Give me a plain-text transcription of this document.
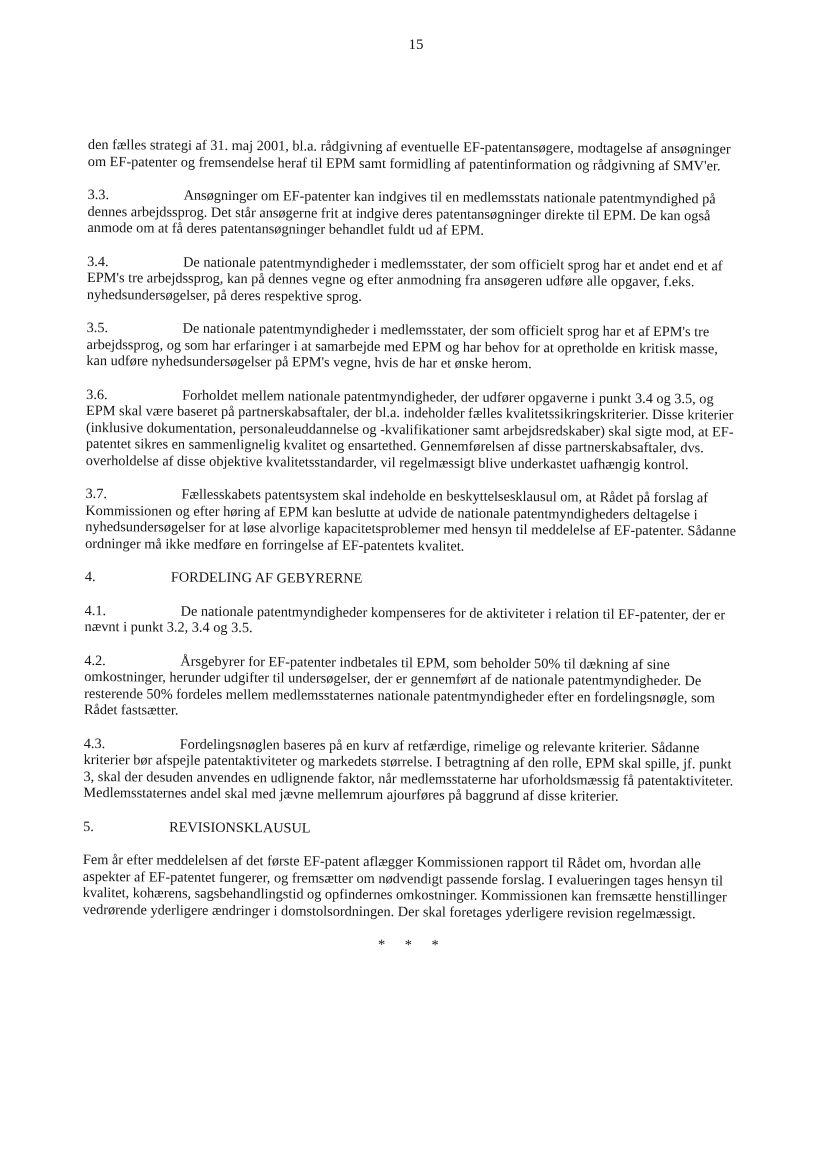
15

den fælles strategi af 31. maj 2001, bl.a. rådgivning af eventuelle EF-patentansøgere, modtagelse af ansøgninger om EF-patenter og fremsendelse heraf til EPM samt formidling af patentinformation og rådgivning af SMV'er.

3.3.	Ansøgninger om EF-patenter kan indgives til en medlemsstats nationale patentmyndighed på dennes arbejdssprog. Det står ansøgerne frit at indgive deres patentansøgninger direkte til EPM. De kan også anmode om at få deres patentansøgninger behandlet fuldt ud af EPM.

3.4.	De nationale patentmyndigheder i medlemsstater, der som officielt sprog har et andet end et af EPM's tre arbejdssprog, kan på dennes vegne og efter anmodning fra ansøgeren udføre alle opgaver, f.eks. nyhedsundersøgelser, på deres respektive sprog.

3.5.	De nationale patentmyndigheder i medlemsstater, der som officielt sprog har et af EPM's tre arbejdssprog, og som har erfaringer i at samarbejde med EPM og har behov for at opretholde en kritisk masse, kan udføre nyhedsundersøgelser på EPM's vegne, hvis de har et ønske herom.

3.6.	Forholdet mellem nationale patentmyndigheder, der udfører opgaverne i punkt 3.4 og 3.5, og EPM skal være baseret på partnerskabsaftaler, der bl.a. indeholder fælles kvalitetssikringskriterier. Disse kriterier (inklusive dokumentation, personaleuddannelse og -kvalifikationer samt arbejdsredskaber) skal sigte mod, at EF-patentet sikres en sammenlignelig kvalitet og ensartethed. Gennemførelsen af disse partnerskabsaftaler, dvs. overholdelse af disse objektive kvalitetsstandarder, vil regelmæssigt blive underkastet uafhængig kontrol.

3.7.	Fællesskabets patentsystem skal indeholde en beskyttelsesklausul om, at Rådet på forslag af Kommissionen og efter høring af EPM kan beslutte at udvide de nationale patentmyndigheders deltagelse i nyhedsundersøgelser for at løse alvorlige kapacitetsproblemer med hensyn til meddelelse af EF-patenter. Sådanne ordninger må ikke medføre en forringelse af EF-patentets kvalitet.

4.	FORDELING AF GEBYRERNE

4.1.	De nationale patentmyndigheder kompenseres for de aktiviteter i relation til EF-patenter, der er nævnt i punkt 3.2, 3.4 og 3.5.

4.2.	Årsgebyrer for EF-patenter indbetales til EPM, som beholder 50% til dækning af sine omkostninger, herunder udgifter til undersøgelser, der er gennemført af de nationale patentmyndigheder. De resterende 50% fordeles mellem medlemsstaternes nationale patentmyndigheder efter en fordelingsnøgle, som Rådet fastsætter.

4.3.	Fordelingsnøglen baseres på en kurv af retfærdige, rimelige og relevante kriterier. Sådanne kriterier bør afspejle patentaktiviteter og markedets størrelse. I betragtning af den rolle, EPM skal spille, jf. punkt 3, skal der desuden anvendes en udlignende faktor, når medlemsstaterne har uforholdsmæssig få patentaktiviteter. Medlemsstaternes andel skal med jævne mellemrum ajourføres på baggrund af disse kriterier.

5.	REVISIONSKLAUSUL

Fem år efter meddelelsen af det første EF-patent aflægger Kommissionen rapport til Rådet om, hvordan alle aspekter af EF-patentet fungerer, og fremsætter om nødvendigt passende forslag. I evalueringen tages hensyn til kvalitet, kohærens, sagsbehandlingstid og opfindernes omkostninger. Kommissionen kan fremsætte henstillinger vedrørende yderligere ændringer i domstolsordningen. Der skal foretages yderligere revision regelmæssigt.

* * *
